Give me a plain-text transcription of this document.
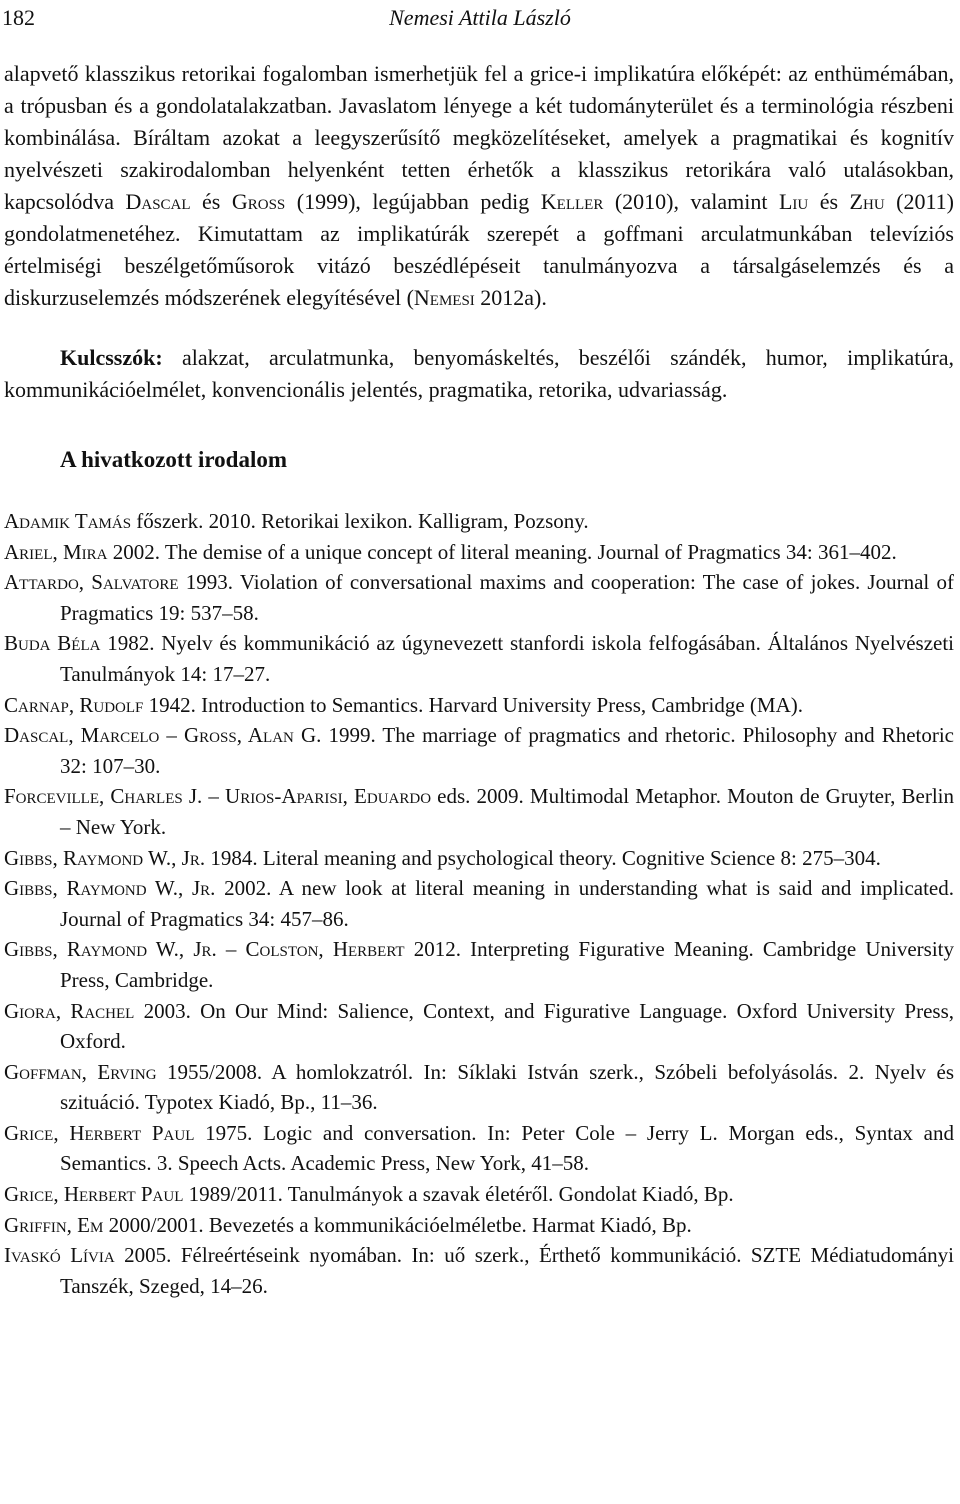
182	Nemesi Attila László

alapvető klasszikus retorikai fogalomban ismerhetjük fel a grice-i implikatúra előképét: az enthümémában, a trópusban és a gondolatalakzatban. Javaslatom lényege a két tudományterület és a terminológia részbeni kombinálása. Bíráltam azokat a leegyszerűsítő megközelítéseket, amelyek a pragmatikai és kognitív nyelvészeti szakirodalomban helyenként tetten érhetők a klasszikus retorikára való utalásokban, kapcsolódva Dascal és Gross (1999), legújabban pedig Keller (2010), valamint Liu és Zhu (2011) gondolatmenetéhez. Kimutattam az implikatúrák szerepét a goffmani arculatmunkában televíziós értelmiségi beszélgetőműsorok vitázó beszédlépéseit tanulmányozva a társalgáselemzés és a diskurzuselemzés módszerének elegyítésével (Nemesi 2012a).

Kulcsszók: alakzat, arculatmunka, benyomáskeltés, beszélői szándék, humor, implikatúra, kommunikációelmélet, konvencionális jelentés, pragmatika, retorika, udvariasság.

A hivatkozott irodalom
Adamik Tamás főszerk. 2010. Retorikai lexikon. Kalligram, Pozsony.
Ariel, Mira 2002. The demise of a unique concept of literal meaning. Journal of Pragmatics 34: 361–402.
Attardo, Salvatore 1993. Violation of conversational maxims and cooperation: The case of jokes. Journal of Pragmatics 19: 537–58.
Buda Béla 1982. Nyelv és kommunikáció az úgynevezett stanfordi iskola felfogásában. Általános Nyelvészeti Tanulmányok 14: 17–27.
Carnap, Rudolf 1942. Introduction to Semantics. Harvard University Press, Cambridge (MA).
Dascal, Marcelo – Gross, Alan G. 1999. The marriage of pragmatics and rhetoric. Philosophy and Rhetoric 32: 107–30.
Forceville, Charles J. – Urios-Aparisi, Eduardo eds. 2009. Multimodal Metaphor. Mouton de Gruyter, Berlin – New York.
Gibbs, Raymond W., Jr. 1984. Literal meaning and psychological theory. Cognitive Science 8: 275–304.
Gibbs, Raymond W., Jr. 2002. A new look at literal meaning in understanding what is said and implicated. Journal of Pragmatics 34: 457–86.
Gibbs, Raymond W., Jr. – Colston, Herbert 2012. Interpreting Figurative Meaning. Cambridge University Press, Cambridge.
Giora, Rachel 2003. On Our Mind: Salience, Context, and Figurative Language. Oxford University Press, Oxford.
Goffman, Erving 1955/2008. A homlokzatról. In: Síklaki István szerk., Szóbeli befolyásolás. 2. Nyelv és szituáció. Typotex Kiadó, Bp., 11–36.
Grice, Herbert Paul 1975. Logic and conversation. In: Peter Cole – Jerry L. Morgan eds., Syntax and Semantics. 3. Speech Acts. Academic Press, New York, 41–58.
Grice, Herbert Paul 1989/2011. Tanulmányok a szavak életéről. Gondolat Kiadó, Bp.
Griffin, Em 2000/2001. Bevezetés a kommunikációelméletbe. Harmat Kiadó, Bp.
Ivaskó Lívia 2005. Félreértéseink nyomában. In: uő szerk., Érthető kommunikáció. SZTE Médiatudományi Tanszék, Szeged, 14–26.
